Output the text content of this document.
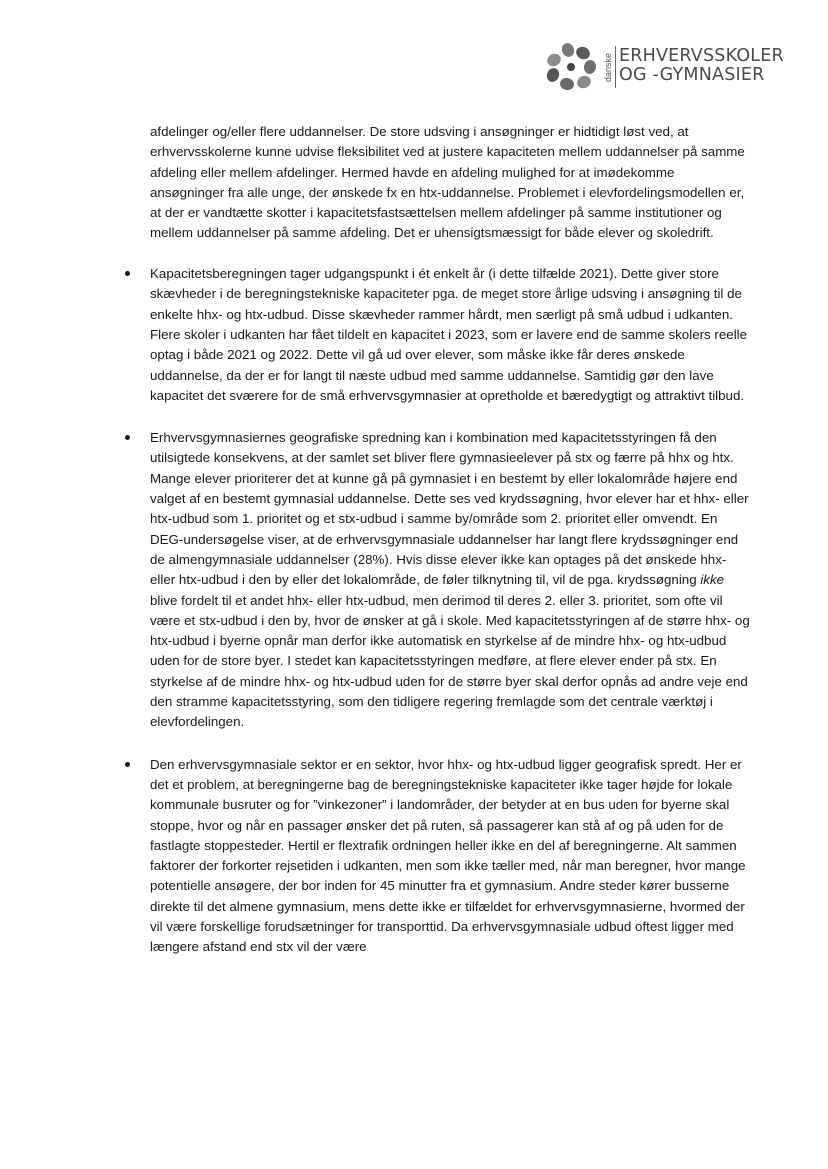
danske ERHVERVSSKOLER
OG -GYMNASIER

afdelinger og/eller flere uddannelser. De store udsving i ansøgninger er hidtidigt løst ved, at erhvervsskolerne kunne udvise fleksibilitet ved at justere kapaciteten mellem uddannelser på samme afdeling eller mellem afdelinger. Hermed havde en afdeling mulighed for at imødekomme ansøgninger fra alle unge, der ønskede fx en htx-uddannelse. Problemet i elevfordelingsmodellen er, at der er vandtætte skotter i kapacitetsfastsættelsen mellem afdelinger på samme institutioner og mellem uddannelser på samme afdeling. Det er uhensigtsmæssigt for både elever og skoledrift.

Kapacitetsberegningen tager udgangspunkt i ét enkelt år (i dette tilfælde 2021). Dette giver store skævheder i de beregningstekniske kapaciteter pga. de meget store årlige udsving i ansøgning til de enkelte hhx- og htx-udbud. Disse skævheder rammer hårdt, men særligt på små udbud i udkanten. Flere skoler i udkanten har fået tildelt en kapacitet i 2023, som er lavere end de samme skolers reelle optag i både 2021 og 2022. Dette vil gå ud over elever, som måske ikke får deres ønskede uddannelse, da der er for langt til næste udbud med samme uddannelse. Samtidig gør den lave kapacitet det sværere for de små erhvervsgymnasier at opretholde et bæredygtigt og attraktivt tilbud.

Erhvervsgymnasiernes geografiske spredning kan i kombination med kapacitetsstyringen få den utilsigtede konsekvens, at der samlet set bliver flere gymnasieelever på stx og færre på hhx og htx. Mange elever prioriterer det at kunne gå på gymnasiet i en bestemt by eller lokalområde højere end valget af en bestemt gymnasial uddannelse. Dette ses ved krydssøgning, hvor elever har et hhx- eller htx-udbud som 1. prioritet og et stx-udbud i samme by/område som 2. prioritet eller omvendt. En DEG-undersøgelse viser, at de erhvervsgymnasiale uddannelser har langt flere krydssøgninger end de almengymnasiale uddannelser (28%). Hvis disse elever ikke kan optages på det ønskede hhx- eller htx-udbud i den by eller det lokalområde, de føler tilknytning til, vil de pga. krydssøgning ikke blive fordelt til et andet hhx- eller htx-udbud, men derimod til deres 2. eller 3. prioritet, som ofte vil være et stx-udbud i den by, hvor de ønsker at gå i skole. Med kapacitetsstyringen af de større hhx- og htx-udbud i byerne opnår man derfor ikke automatisk en styrkelse af de mindre hhx- og htx-udbud uden for de store byer. I stedet kan kapacitetsstyringen medføre, at flere elever ender på stx. En styrkelse af de mindre hhx- og htx-udbud uden for de større byer skal derfor opnås ad andre veje end den stramme kapacitetsstyring, som den tidligere regering fremlagde som det centrale værktøj i elevfordelingen.

Den erhvervsgymnasiale sektor er en sektor, hvor hhx- og htx-udbud ligger geografisk spredt. Her er det et problem, at beregningerne bag de beregningstekniske kapaciteter ikke tager højde for lokale kommunale busruter og for ”vinkezoner” i landområder, der betyder at en bus uden for byerne skal stoppe, hvor og når en passager ønsker det på ruten, så passagerer kan stå af og på uden for de fastlagte stoppesteder. Hertil er flextrafik ordningen heller ikke en del af beregningerne. Alt sammen faktorer der forkorter rejsetiden i udkanten, men som ikke tæller med, når man beregner, hvor mange potentielle ansøgere, der bor inden for 45 minutter fra et gymnasium. Andre steder kører busserne direkte til det almene gymnasium, mens dette ikke er tilfældet for erhvervsgymnasierne, hvormed der vil være forskellige forudsætninger for transporttid. Da erhvervsgymnasiale udbud oftest ligger med længere afstand end stx vil der være
